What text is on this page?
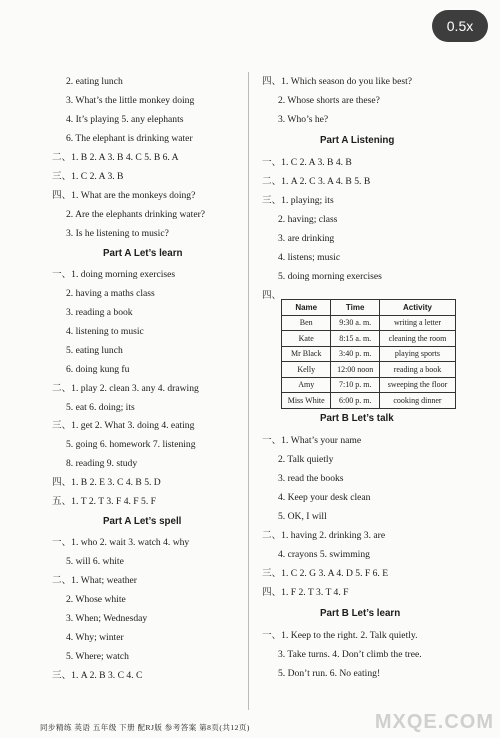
0.5x
2. eating lunch
3. What’s the little monkey doing
4. It’s playing 5. any elephants
6. The elephant is drinking water
二、1. B 2. A 3. B 4. C 5. B 6. A
三、1. C 2. A 3. B
四、1. What are the monkeys doing?
2. Are the elephants drinking water?
3. Is he listening to music?
Part A Let’s learn
一、1. doing morning exercises
2. having a maths class
3. reading a book
4. listening to music
5. eating lunch
6. doing kung fu
二、1. play 2. clean 3. any 4. drawing
5. eat 6. doing; its
三、1. get 2. What 3. doing 4. eating
5. going 6. homework 7. listening
8. reading 9. study
四、1. B 2. E 3. C 4. B 5. D
五、1. T 2. T 3. F 4. F 5. F
Part A Let’s spell
一、1. who 2. wait 3. watch 4. why
5. will 6. white
二、1. What; weather
2. Whose white
3. When; Wednesday
4. Why; winter
5. Where; watch
三、1. A 2. B 3. C 4. C
四、1. Which season do you like best?
2. Whose shorts are these?
3. Who’s he?
Part A Listening
一、1. C 2. A 3. B 4. B
二、1. A 2. C 3. A 4. B 5. B
三、1. playing; its
2. having; class
3. are drinking
4. listens; music
5. doing morning exercises
四、
Name	Time	Activity
Ben	9:30 a. m.	writing a letter
Kate	8:15 a. m.	cleaning the room
Mr Black	3:40 p. m.	playing sports
Kelly	12:00 noon	reading a book
Amy	7:10 p. m.	sweeping the floor
Miss White	6:00 p. m.	cooking dinner
Part B Let’s talk
一、1. What’s your name
2. Talk quietly
3. read the books
4. Keep your desk clean
5. OK, I will
二、1. having 2. drinking 3. are
4. crayons 5. swimming
三、1. C 2. G 3. A 4. D 5. F 6. E
四、1. F 2. T 3. T 4. F
Part B Let’s learn
一、1. Keep to the right. 2. Talk quietly.
3. Take turns. 4. Don’t climb the tree.
5. Don’t run. 6. No eating!
同步精练 英语 五年级 下册 配RJ版 参考答案 第8页(共12页)	MXQE.COM
